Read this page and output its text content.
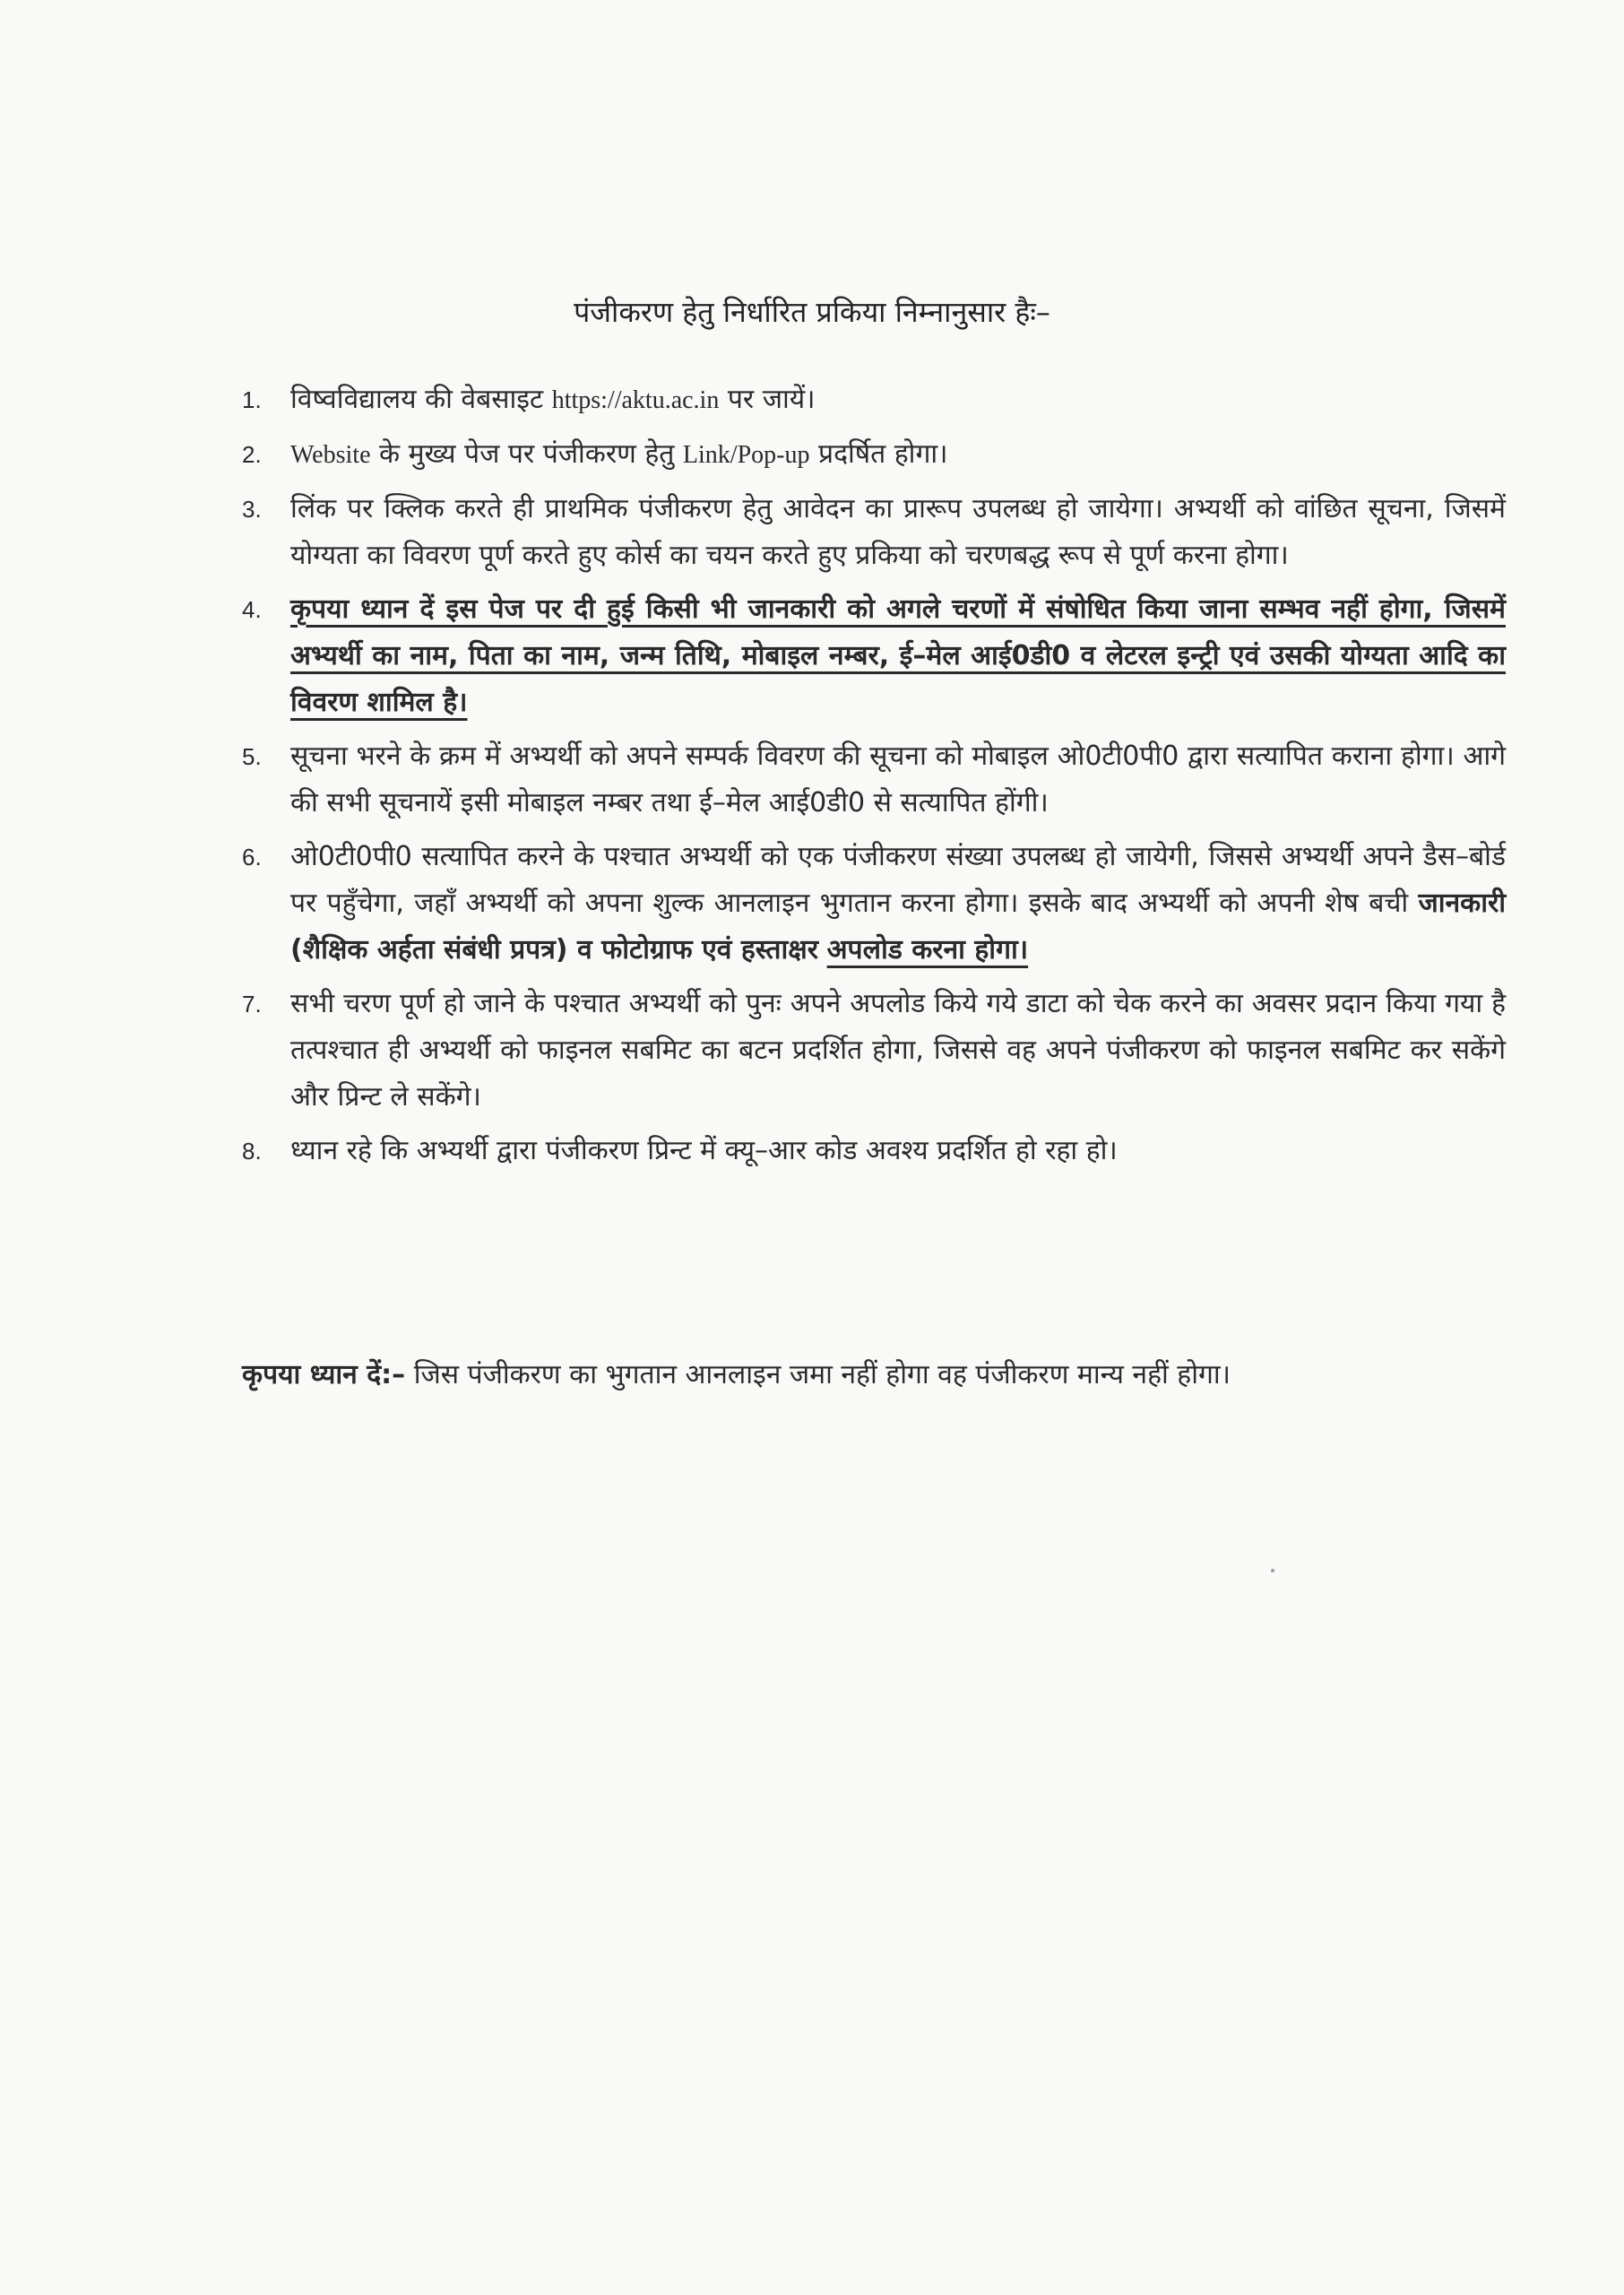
पंजीकरण हेतु निर्धारित प्रकिया निम्नानुसार हैः–
1. विष्वविद्यालय की वेबसाइट https://aktu.ac.in पर जायें।
2. Website के मुख्य पेज पर पंजीकरण हेतु Link/Pop-up प्रदर्षित होगा।
3. लिंक पर क्लिक करते ही प्राथमिक पंजीकरण हेतु आवेदन का प्रारूप उपलब्ध हो जायेगा। अभ्यर्थी को वांछित सूचना, जिसमें योग्यता का विवरण पूर्ण करते हुए कोर्स का चयन करते हुए प्रकिया को चरणबद्ध रूप से पूर्ण करना होगा।
4. कृपया ध्यान दें इस पेज पर दी हुई किसी भी जानकारी को अगले चरणों में संषोधित किया जाना सम्भव नहीं होगा, जिसमें अभ्यर्थी का नाम, पिता का नाम, जन्म तिथि, मोबाइल नम्बर, ई–मेल आई0डी0 व लेटरल इन्ट्री एवं उसकी योग्यता आदि का विवरण शामिल है।
5. सूचना भरने के क्रम में अभ्यर्थी को अपने सम्पर्क विवरण की सूचना को मोबाइल ओ0टी0पी0 द्वारा सत्यापित कराना होगा। आगे की सभी सूचनायें इसी मोबाइल नम्बर तथा ई–मेल आई0डी0 से सत्यापित होंगी।
6. ओ0टी0पी0 सत्यापित करने के पश्चात अभ्यर्थी को एक पंजीकरण संख्या उपलब्ध हो जायेगी, जिससे अभ्यर्थी अपने डैस–बोर्ड पर पहुँचेगा, जहाँ अभ्यर्थी को अपना शुल्क आनलाइन भुगतान करना होगा। इसके बाद अभ्यर्थी को अपनी शेष बची जानकारी (शैक्षिक अर्हता संबंधी प्रपत्र) व फोटोग्राफ एवं हस्ताक्षर अपलोड करना होगा।
7. सभी चरण पूर्ण हो जाने के पश्चात अभ्यर्थी को पुनः अपने अपलोड किये गये डाटा को चेक करने का अवसर प्रदान किया गया है तत्पश्चात ही अभ्यर्थी को फाइनल सबमिट का बटन प्रदर्शित होगा, जिससे वह अपने पंजीकरण को फाइनल सबमिट कर सकेंगे और प्रिन्ट ले सकेंगे।
8. ध्यान रहे कि अभ्यर्थी द्वारा पंजीकरण प्रिन्ट में क्यू–आर कोड अवश्य प्रदर्शित हो रहा हो।
कृपया ध्यान दें:– जिस पंजीकरण का भुगतान आनलाइन जमा नहीं होगा वह पंजीकरण मान्य नहीं होगा।
